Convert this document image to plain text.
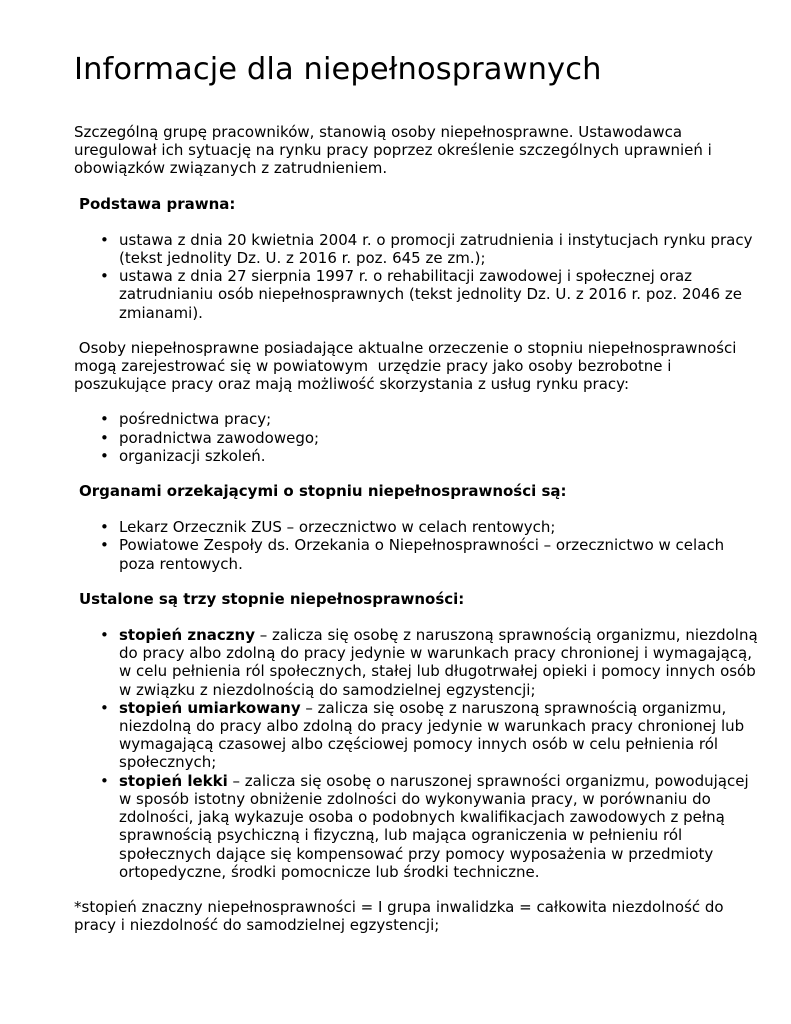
Informacje dla niepełnosprawnych

Szczególną grupę pracowników, stanowią osoby niepełnosprawne. Ustawodawca uregulował ich sytuację na rynku pracy poprzez określenie szczególnych uprawnień i obowiązków związanych z zatrudnieniem.

Podstawa prawna:

• ustawa z dnia 20 kwietnia 2004 r. o promocji zatrudnienia i instytucjach rynku pracy (tekst jednolity Dz. U. z 2016 r. poz. 645 ze zm.);
• ustawa z dnia 27 sierpnia 1997 r. o rehabilitacji zawodowej i społecznej oraz zatrudnianiu osób niepełnosprawnych (tekst jednolity Dz. U. z 2016 r. poz. 2046 ze zmianami).

Osoby niepełnosprawne posiadające aktualne orzeczenie o stopniu niepełnosprawności mogą zarejestrować się w powiatowym  urzędzie pracy jako osoby bezrobotne i poszukujące pracy oraz mają możliwość skorzystania z usług rynku pracy:

• pośrednictwa pracy;
• poradnictwa zawodowego;
• organizacji szkoleń.

Organami orzekającymi o stopniu niepełnosprawności są:

• Lekarz Orzecznik ZUS – orzecznictwo w celach rentowych;
• Powiatowe Zespoły ds. Orzekania o Niepełnosprawności – orzecznictwo w celach poza rentowych.

Ustalone są trzy stopnie niepełnosprawności:

• stopień znaczny – zalicza się osobę z naruszoną sprawnością organizmu, niezdolną do pracy albo zdolną do pracy jedynie w warunkach pracy chronionej i wymagającą, w celu pełnienia ról społecznych, stałej lub długotrwałej opieki i pomocy innych osób w związku z niezdolnością do samodzielnej egzystencji;
• stopień umiarkowany – zalicza się osobę z naruszoną sprawnością organizmu, niezdolną do pracy albo zdolną do pracy jedynie w warunkach pracy chronionej lub wymagającą czasowej albo częściowej pomocy innych osób w celu pełnienia ról społecznych;
• stopień lekki – zalicza się osobę o naruszonej sprawności organizmu, powodującej w sposób istotny obniżenie zdolności do wykonywania pracy, w porównaniu do zdolności, jaką wykazuje osoba o podobnych kwalifikacjach zawodowych z pełną sprawnością psychiczną i fizyczną, lub mająca ograniczenia w pełnieniu ról społecznych dające się kompensować przy pomocy wyposażenia w przedmioty ortopedyczne, środki pomocnicze lub środki techniczne.

*stopień znaczny niepełnosprawności = I grupa inwalidzka = całkowita niezdolność do pracy i niezdolność do samodzielnej egzystencji;
